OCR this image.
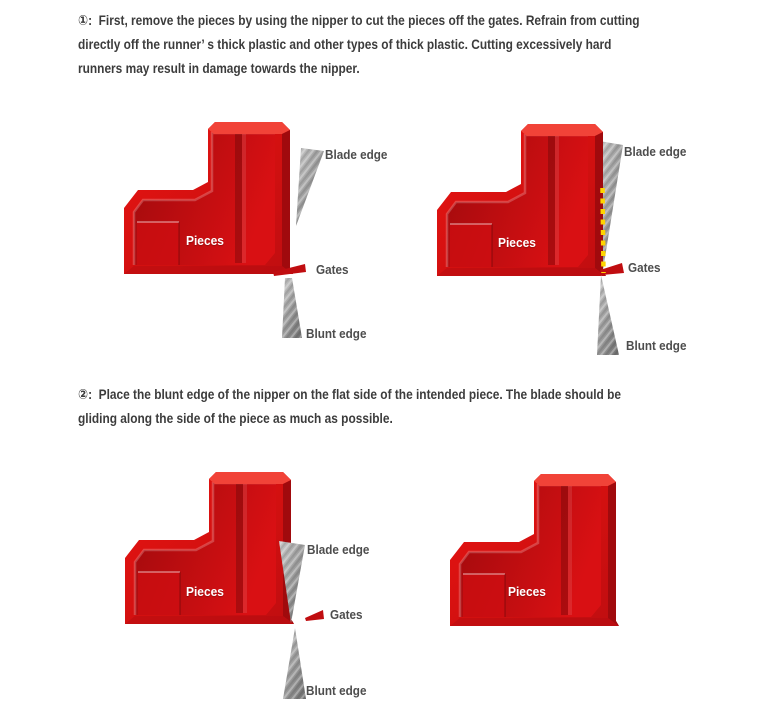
①:  First, remove the pieces by using the nipper to cut the pieces off the gates. Refrain from cutting
directly off the runner’ s thick plastic and other types of thick plastic. Cutting excessively hard
runners may result in damage towards the nipper.
Pieces
Blade edge
Gates
Blunt edge
Pieces
Blade edge
Gates
Blunt edge
②:  Place the blunt edge of the nipper on the flat side of the intended piece. The blade should be
gliding along the side of the piece as much as possible.
Pieces
Blade edge
Gates
Blunt edge
Pieces
